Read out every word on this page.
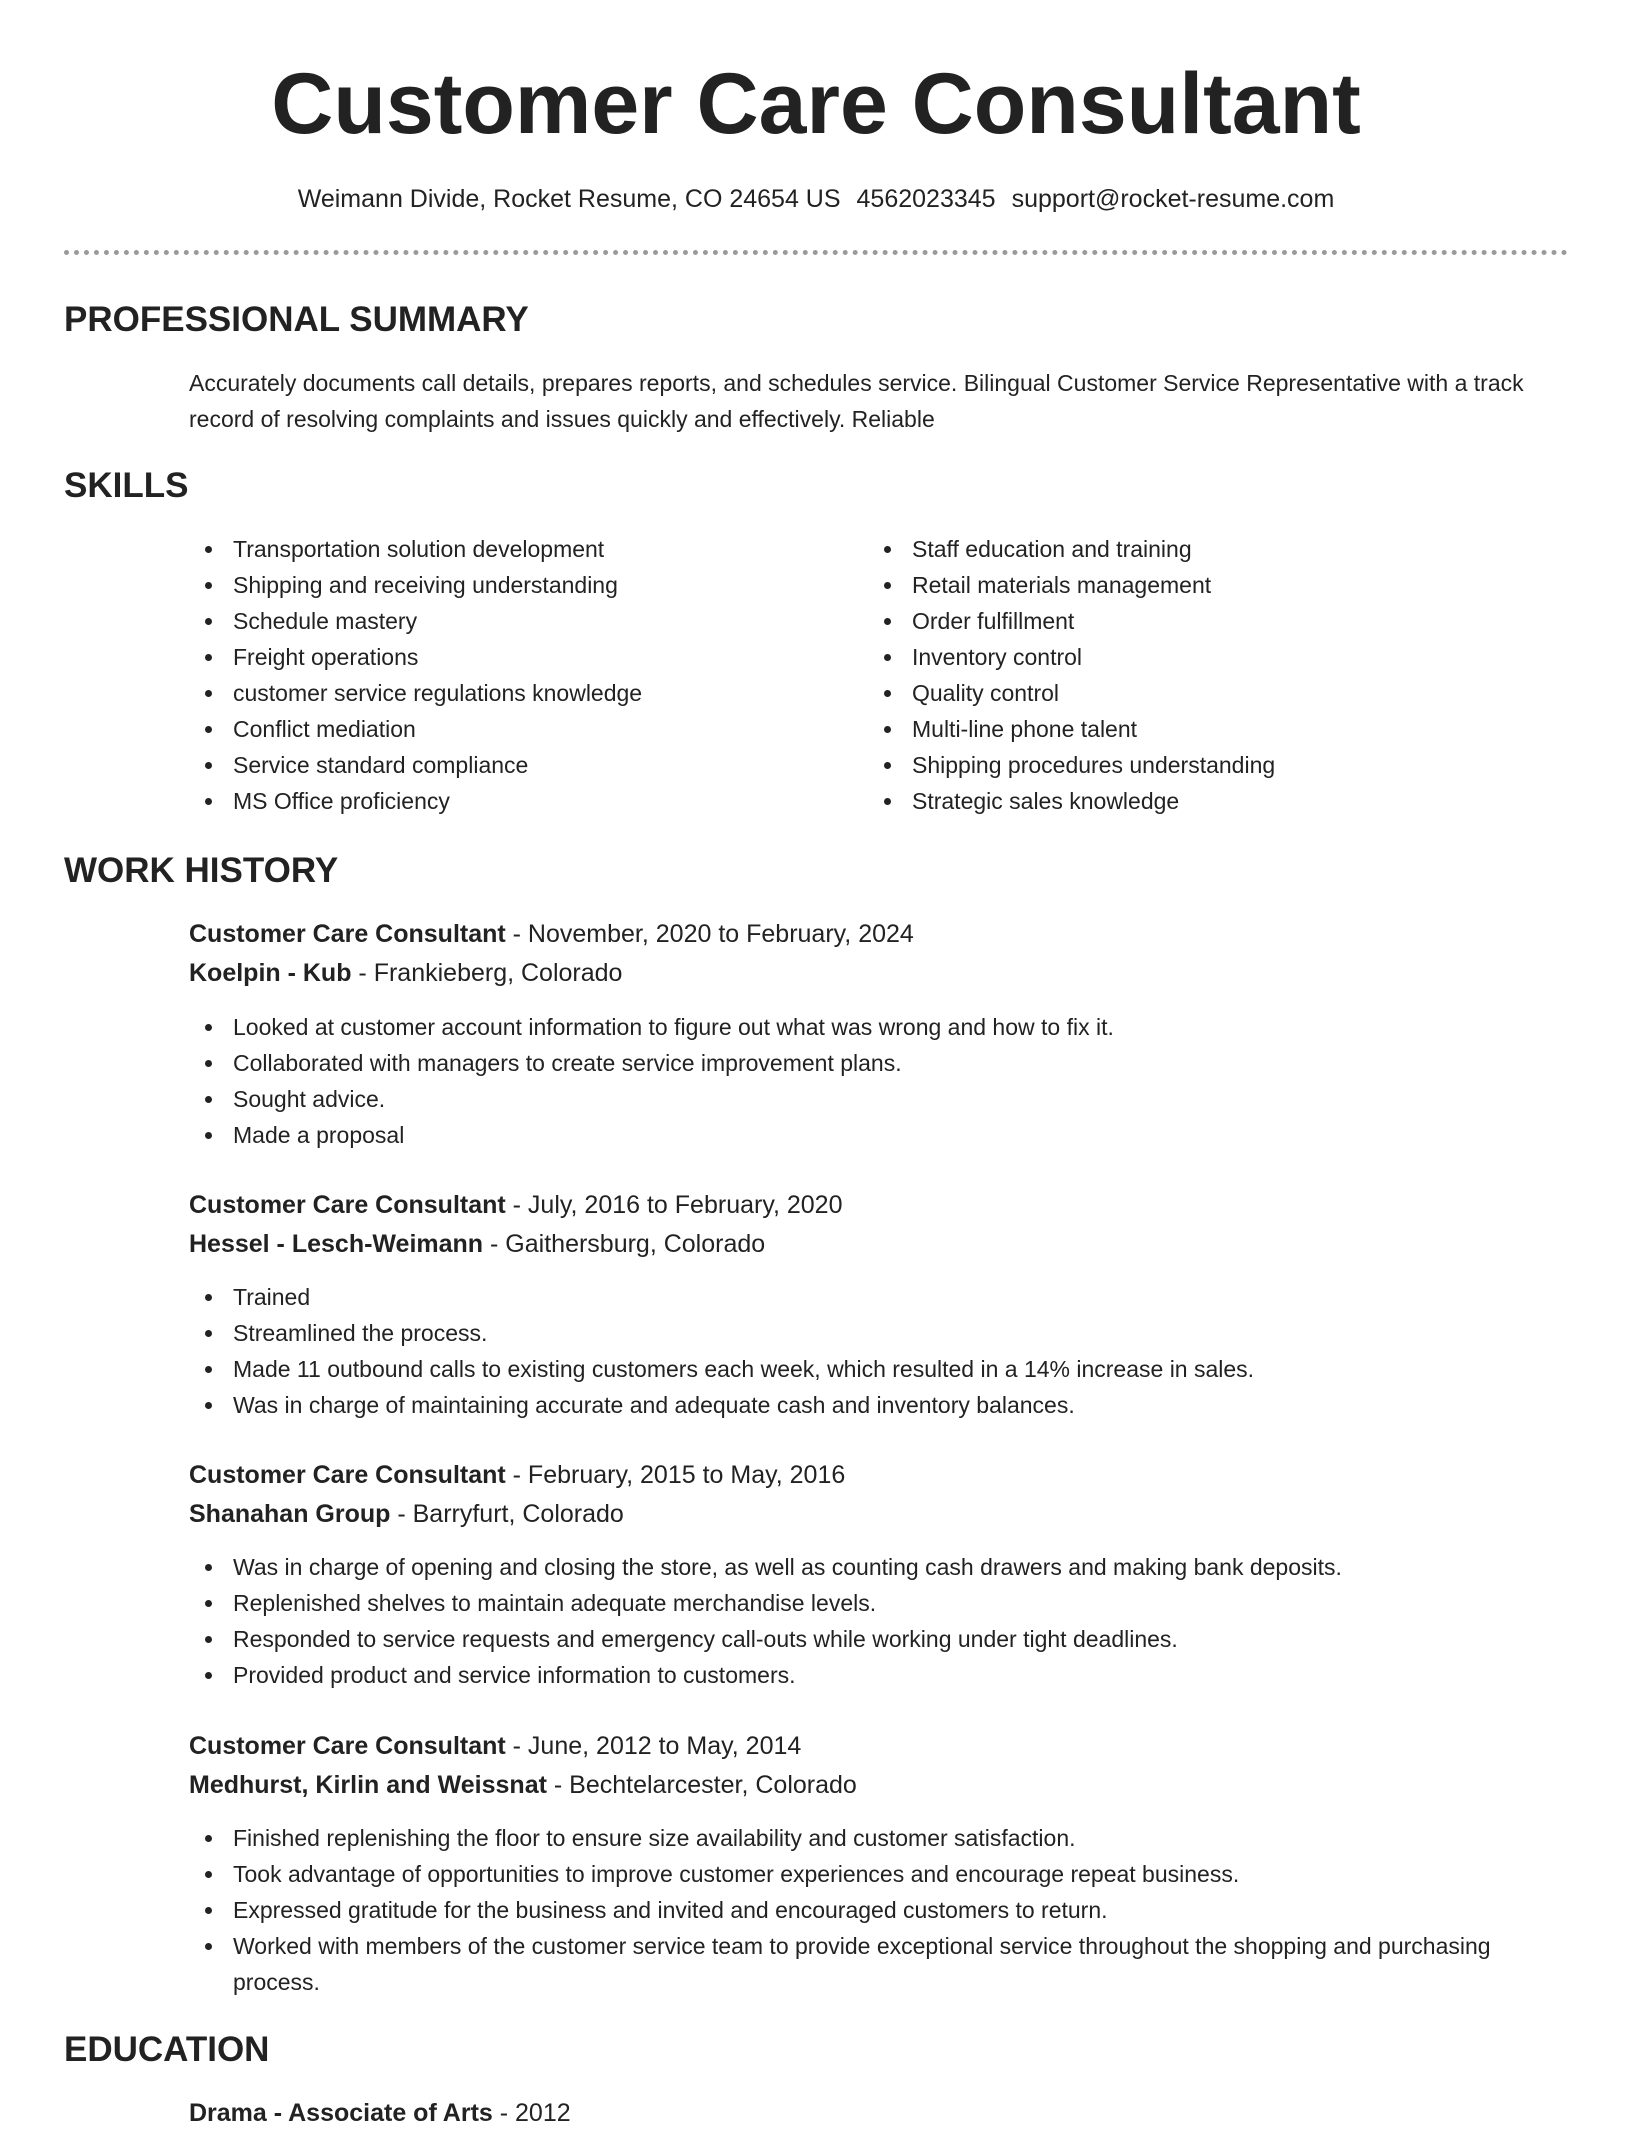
Customer Care Consultant
Weimann Divide, Rocket Resume, CO 24654 US 4562023345 support@rocket-resume.com
PROFESSIONAL SUMMARY

Accurately documents call details, prepares reports, and schedules service. Bilingual Customer Service Representative with a track record of resolving complaints and issues quickly and effectively. Reliable

SKILLS
Transportation solution development
Shipping and receiving understanding
Schedule mastery
Freight operations
customer service regulations knowledge
Conflict mediation
Service standard compliance
MS Office proficiency
Staff education and training
Retail materials management
Order fulfillment
Inventory control
Quality control
Multi-line phone talent
Shipping procedures understanding
Strategic sales knowledge
WORK HISTORY
Customer Care Consultant - November, 2020 to February, 2024
Koelpin - Kub - Frankieberg, Colorado
Looked at customer account information to figure out what was wrong and how to fix it.
Collaborated with managers to create service improvement plans.
Sought advice.
Made a proposal
Customer Care Consultant - July, 2016 to February, 2020
Hessel - Lesch-Weimann - Gaithersburg, Colorado
Trained
Streamlined the process.
Made 11 outbound calls to existing customers each week, which resulted in a 14% increase in sales.
Was in charge of maintaining accurate and adequate cash and inventory balances.
Customer Care Consultant - February, 2015 to May, 2016
Shanahan Group - Barryfurt, Colorado
Was in charge of opening and closing the store, as well as counting cash drawers and making bank deposits.
Replenished shelves to maintain adequate merchandise levels.
Responded to service requests and emergency call-outs while working under tight deadlines.
Provided product and service information to customers.
Customer Care Consultant - June, 2012 to May, 2014
Medhurst, Kirlin and Weissnat - Bechtelarcester, Colorado
Finished replenishing the floor to ensure size availability and customer satisfaction.
Took advantage of opportunities to improve customer experiences and encourage repeat business.
Expressed gratitude for the business and invited and encouraged customers to return.
Worked with members of the customer service team to provide exceptional service throughout the shopping and purchasing process.
EDUCATION
Drama - Associate of Arts - 2012
